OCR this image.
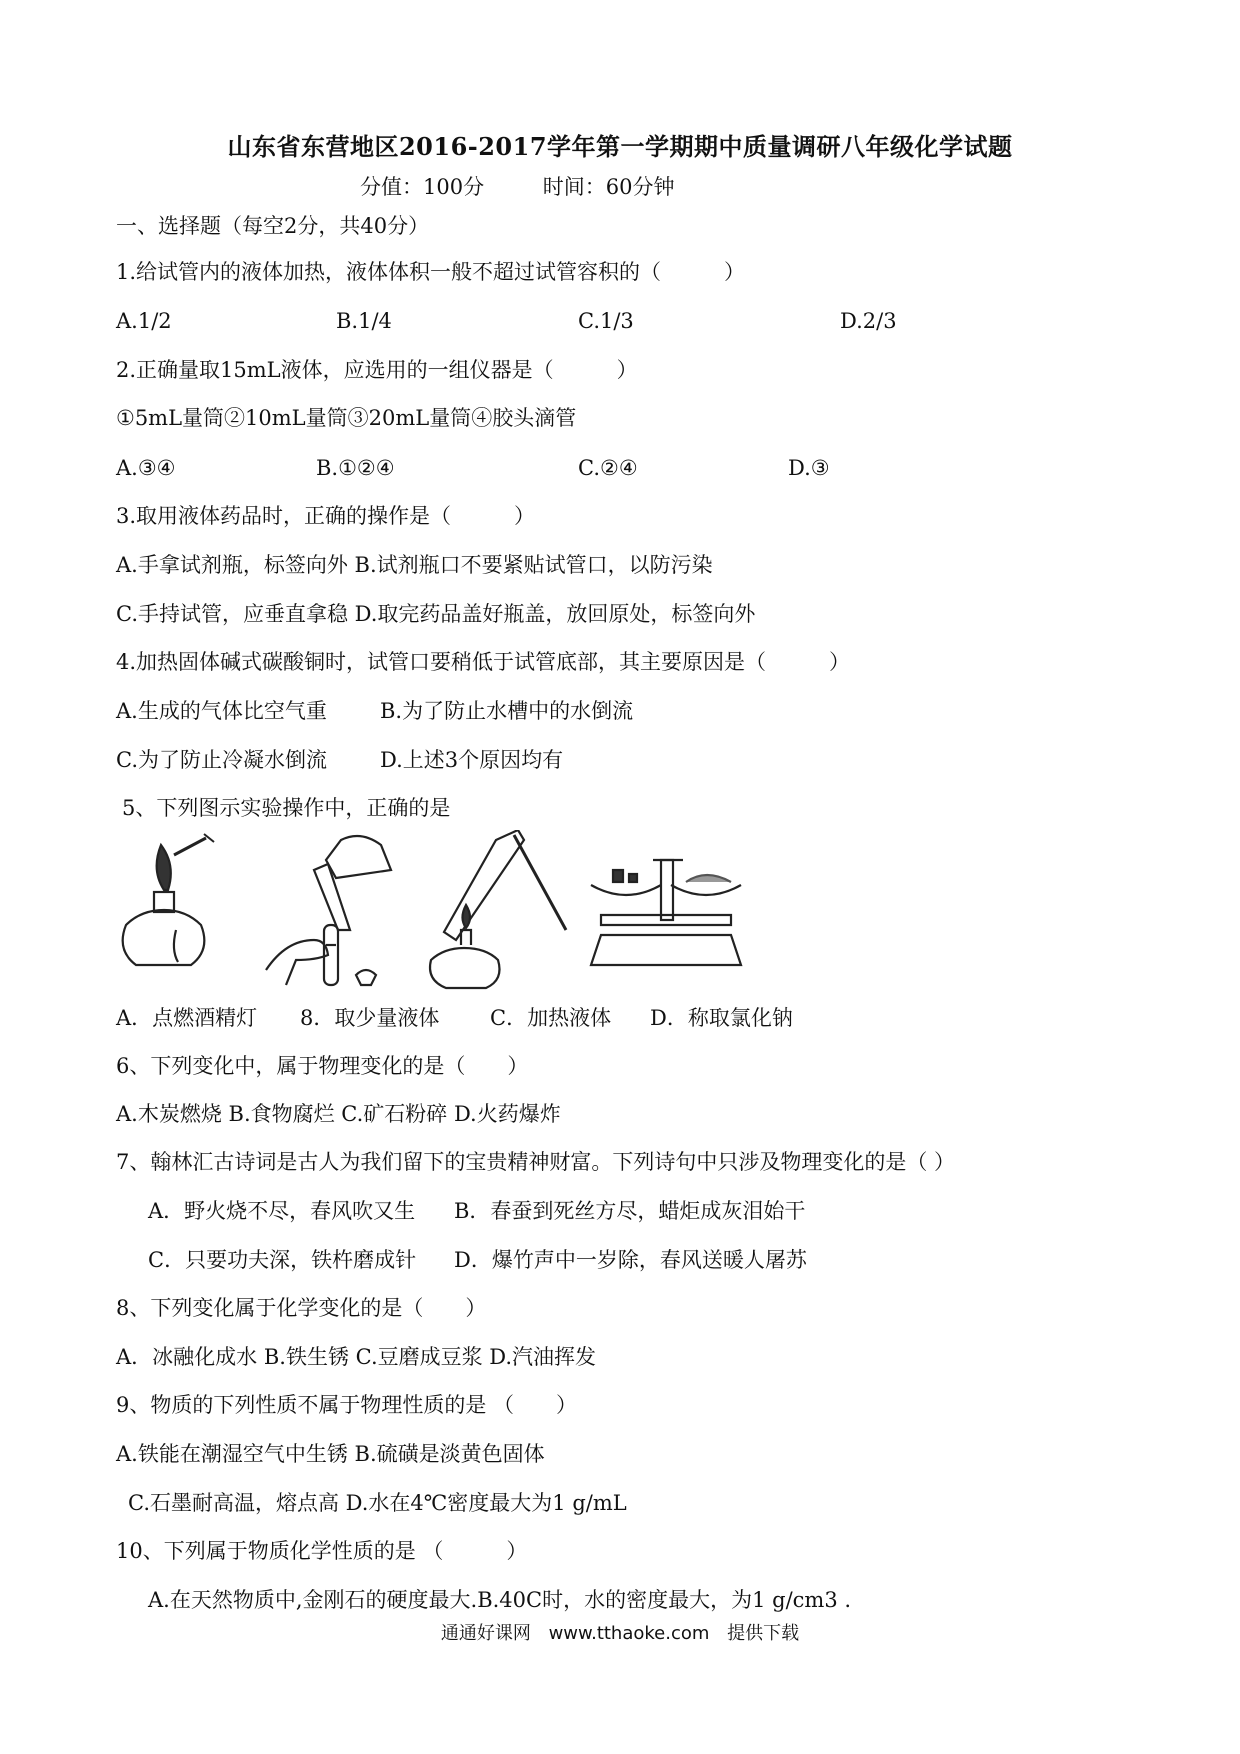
山东省东营地区2016-2017学年第一学期期中质量调研八年级化学试题
分值：100分	时间：60分钟
一、选择题（每空2分，共40分）
1.给试管内的液体加热，液体体积一般不超过试管容积的（　　　）
A.1/2	B.1/4	C.1/3	D.2/3
2.正确量取15mL液体，应选用的一组仪器是（　　　）
①5mL量筒②10mL量筒③20mL量筒④胶头滴管
A.③④	B.①②④	C.②④	D.③
3.取用液体药品时，正确的操作是（　　　）
A.手拿试剂瓶，标签向外 B.试剂瓶口不要紧贴试管口，以防污染
C.手持试管，应垂直拿稳 D.取完药品盖好瓶盖，放回原处，标签向外
4.加热固体碱式碳酸铜时，试管口要稍低于试管底部，其主要原因是（　　　）
A.生成的气体比空气重	B.为了防止水槽中的水倒流
C.为了防止冷凝水倒流	D.上述3个原因均有
5、下列图示实验操作中，正确的是
A．点燃酒精灯 8．取少量液体 C．加热液体 D．称取氯化钠
6、下列变化中，属于物理变化的是（　　）
A.木炭燃烧 B.食物腐烂 C.矿石粉碎 D.火药爆炸
7、翰林汇古诗词是古人为我们留下的宝贵精神财富。下列诗句中只涉及物理变化的是（ ）
A．野火烧不尽，春风吹又生 B．春蚕到死丝方尽，蜡炬成灰泪始干
C．只要功夫深，铁杵磨成针 D．爆竹声中一岁除，春风送暖人屠苏
8、下列变化属于化学变化的是（　　）
A．冰融化成水 B.铁生锈 C.豆磨成豆浆 D.汽油挥发
9、物质的下列性质不属于物理性质的是 （　　）
A.铁能在潮湿空气中生锈 B.硫磺是淡黄色固体
C.石墨耐高温，熔点高 D.水在4℃密度最大为1 g/mL
10、下列属于物质化学性质的是 （　　　）
A.在天然物质中,金刚石的硬度最大.B.40C时，水的密度最大，为1 g/cm3 .
通通好课网 www.tthaoke.com 提供下载
